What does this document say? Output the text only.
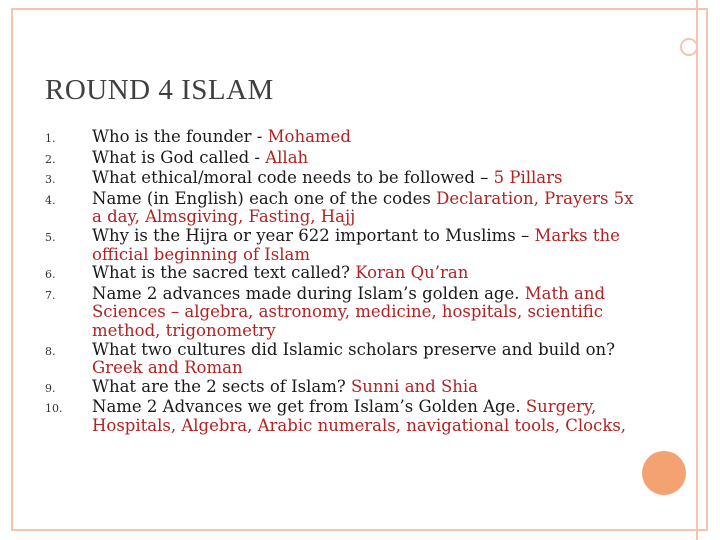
ROUND 4 ISLAM
1.	Who is the founder - Mohamed
2.	What is God called - Allah
3.	What ethical/moral code needs to be followed – 5 Pillars
4.	Name (in English) each one of the codes Declaration, Prayers 5x a day, Almsgiving, Fasting, Hajj
5.	Why is the Hijra or year 622 important to Muslims – Marks the official beginning of Islam
6.	What is the sacred text called? Koran Qu’ran
7.	Name 2 advances made during Islam’s golden age. Math and Sciences – algebra, astronomy, medicine, hospitals, scientific method, trigonometry
8.	What two cultures did Islamic scholars preserve and build on? Greek and Roman
9.	What are the 2 sects of Islam? Sunni and Shia
10.	Name 2 Advances we get from Islam’s Golden Age. Surgery, Hospitals, Algebra, Arabic numerals, navigational tools, Clocks,
